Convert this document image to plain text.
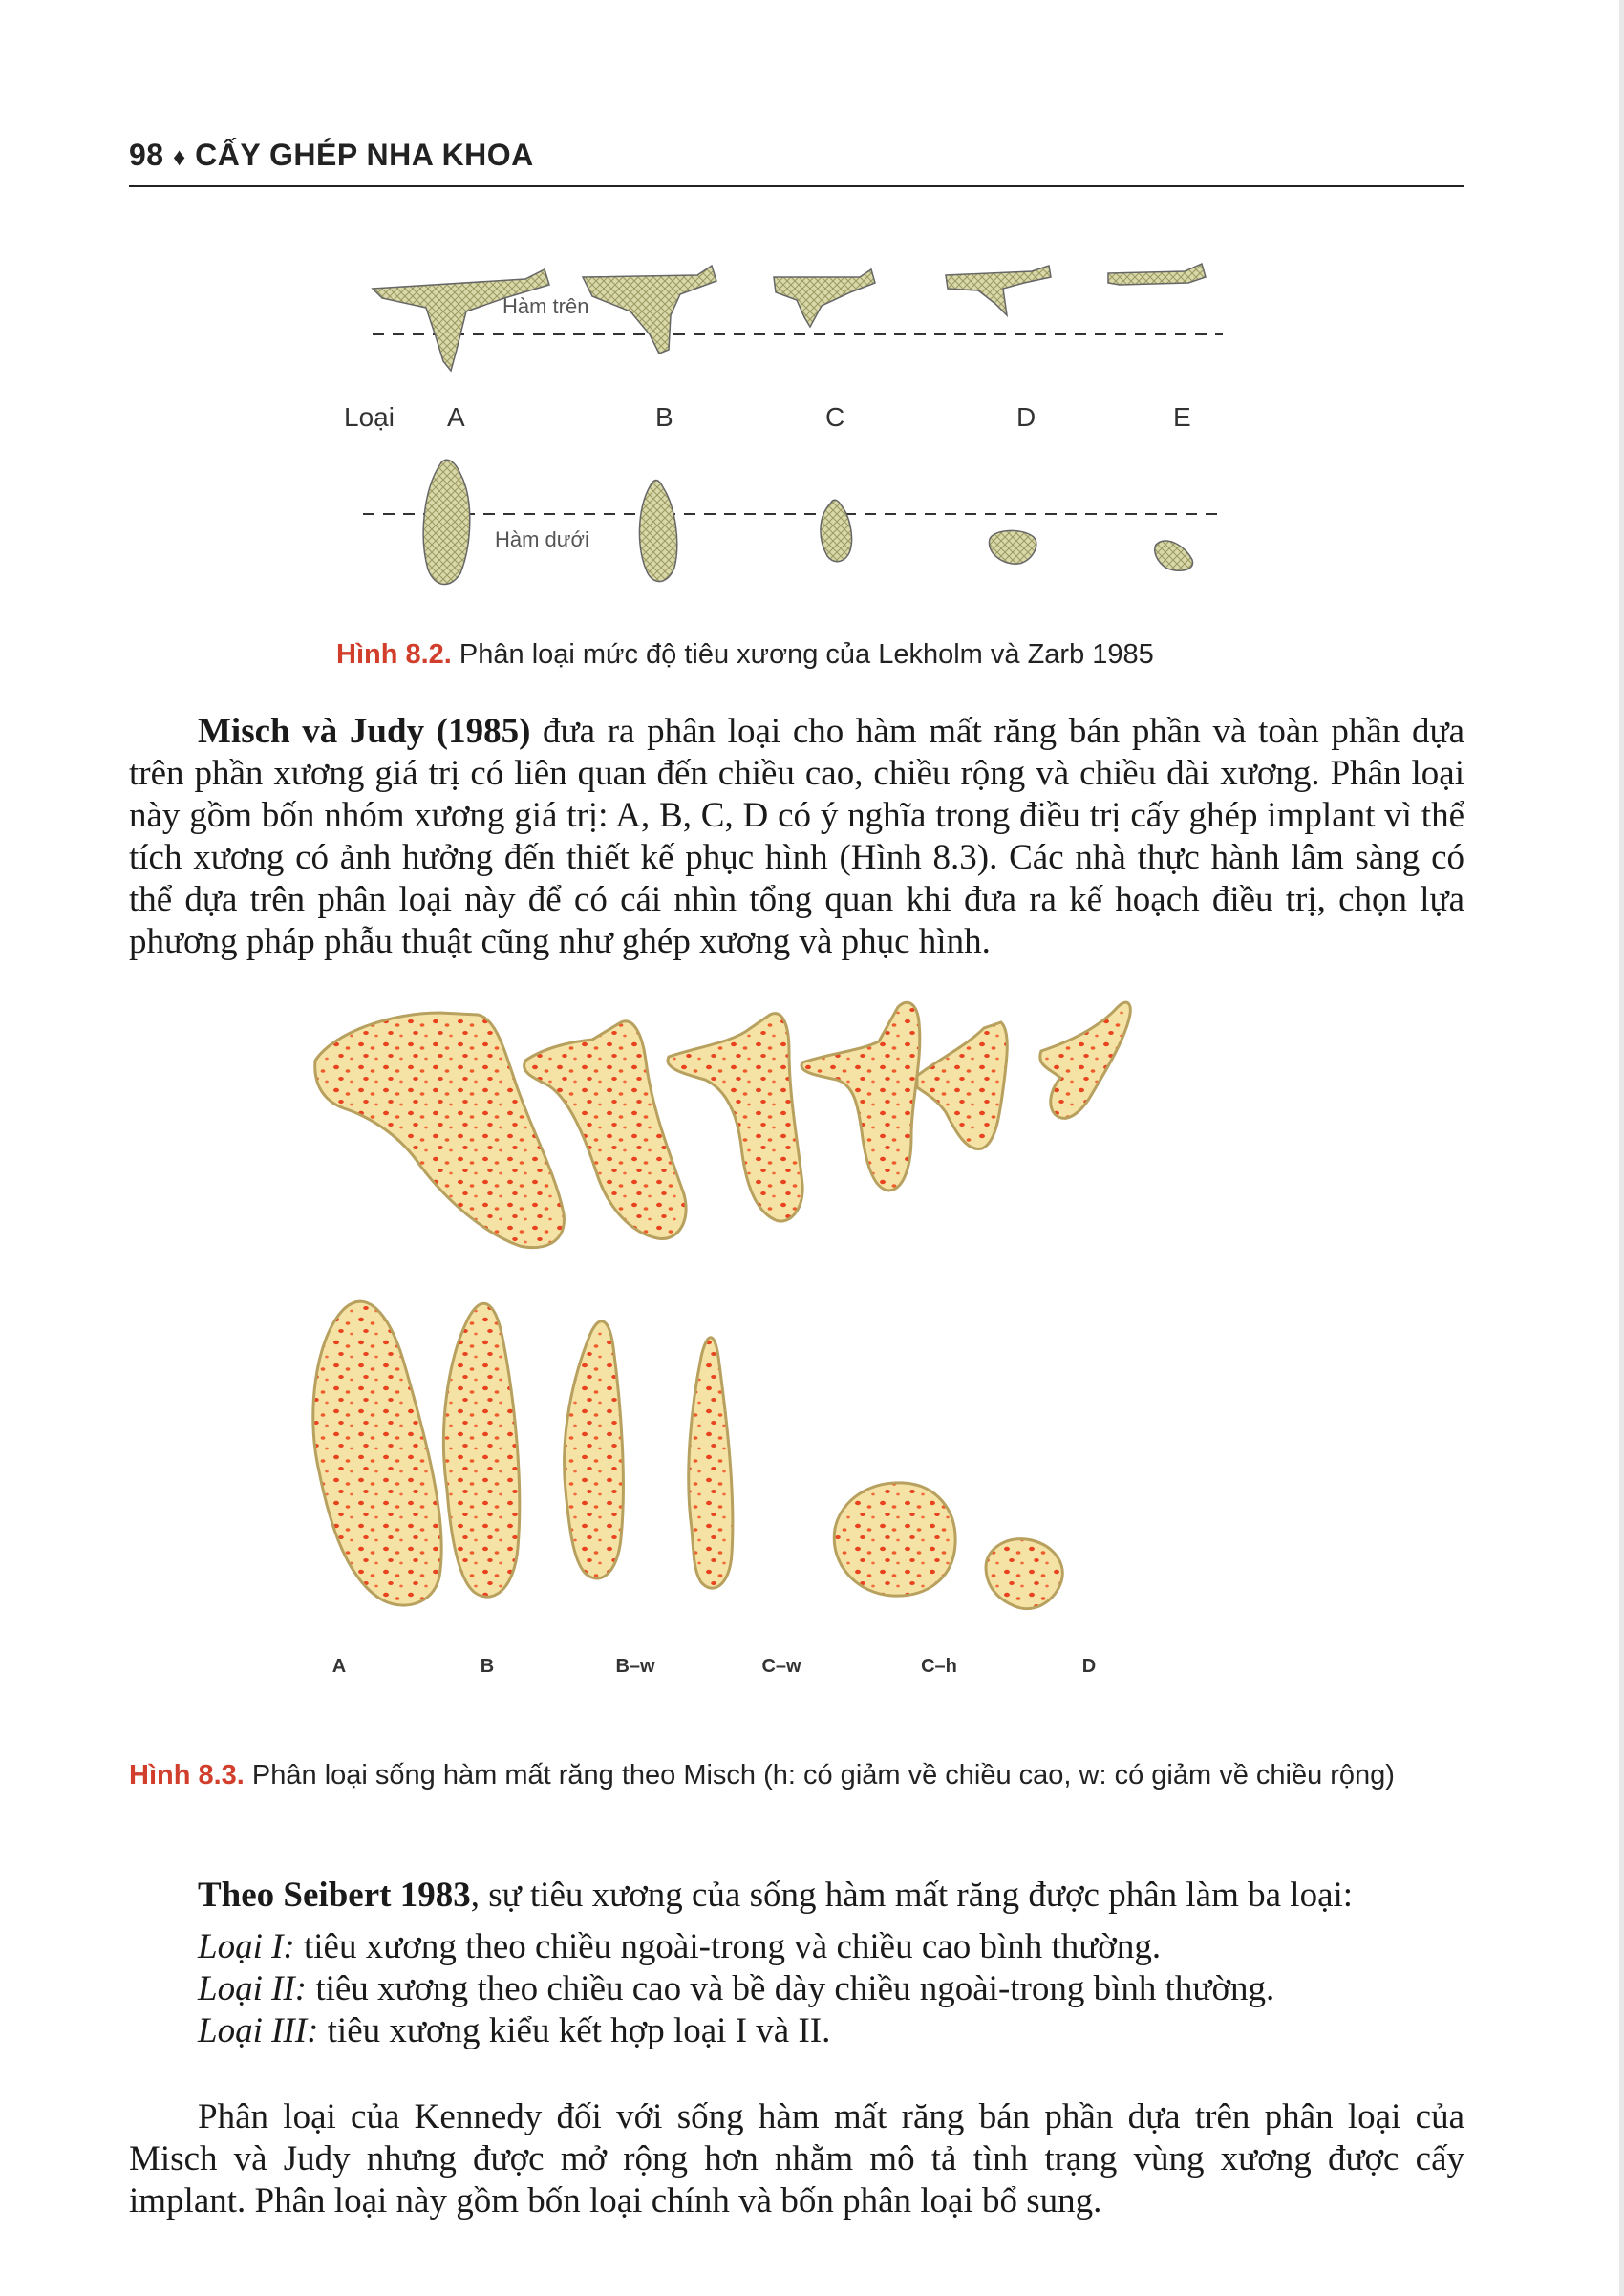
98 ♦ CẤY GHÉP NHA KHOA
Hàm trên
Loại A	B	C	D	E
Hàm dưới
Hình 8.2. Phân loại mức độ tiêu xương của Lekholm và Zarb 1985

Misch và Judy (1985) đưa ra phân loại cho hàm mất răng bán phần và toàn phần dựa trên phần xương giá trị có liên quan đến chiều cao, chiều rộng và chiều dài xương. Phân loại này gồm bốn nhóm xương giá trị: A, B, C, D có ý nghĩa trong điều trị cấy ghép implant vì thể tích xương có ảnh hưởng đến thiết kế phục hình (Hình 8.3). Các nhà thực hành lâm sàng có thể dựa trên phân loại này để có cái nhìn tổng quan khi đưa ra kế hoạch điều trị, chọn lựa phương pháp phẫu thuật cũng như ghép xương và phục hình.

A	B	B–w	C–w	C–h	D
Hình 8.3. Phân loại sống hàm mất răng theo Misch (h: có giảm về chiều cao, w: có giảm về chiều rộng)

Theo Seibert 1983, sự tiêu xương của sống hàm mất răng được phân làm ba loại:

Loại I: tiêu xương theo chiều ngoài-trong và chiều cao bình thường.

Loại II: tiêu xương theo chiều cao và bề dày chiều ngoài-trong bình thường.

Loại III: tiêu xương kiểu kết hợp loại I và II.

Phân loại của Kennedy đối với sống hàm mất răng bán phần dựa trên phân loại của Misch và Judy nhưng được mở rộng hơn nhằm mô tả tình trạng vùng xương được cấy implant. Phân loại này gồm bốn loại chính và bốn phân loại bổ sung.
